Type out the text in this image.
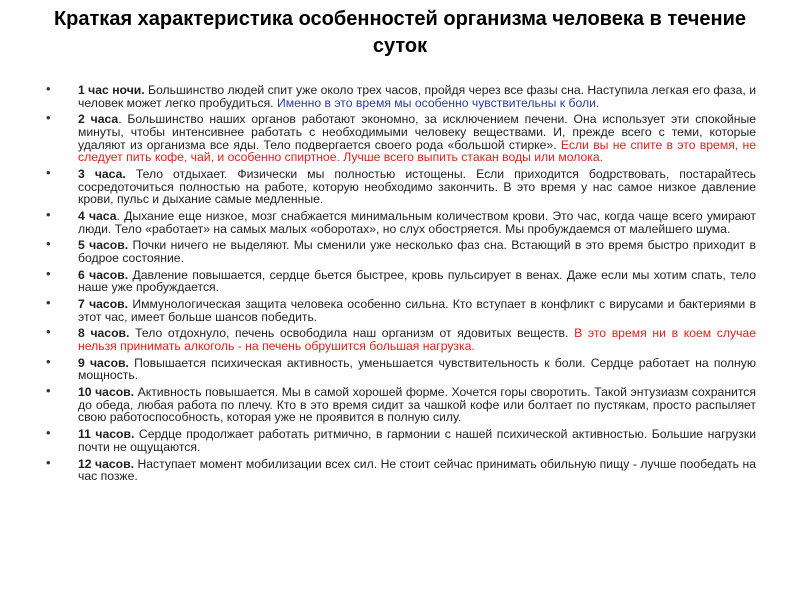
Краткая характеристика особенностей организма человека в течение суток
• 1 час ночи. Большинство людей спит уже около трех часов, пройдя через все фазы сна. Наступила легкая его фаза, и человек может легко пробудиться. Именно в это время мы особенно чувствительны к боли.
• 2 часа. Большинство наших органов работают экономно, за исключением печени. Она использует эти спокойные минуты, чтобы интенсивнее работать с необходимыми человеку веществами. И, прежде всего с теми, которые удаляют из организма все яды. Тело подвергается своего рода «большой стирке». Если вы не спите в это время, не следует пить кофе, чай, и особенно спиртное. Лучше всего выпить стакан воды или молока.
• 3 часа. Тело отдыхает. Физически мы полностью истощены. Если приходится бодрствовать, постарайтесь сосредоточиться полностью на работе, которую необходимо закончить. В это время у нас самое низкое давление крови, пульс и дыхание самые медленные.
• 4 часа. Дыхание еще низкое, мозг снабжается минимальным количеством крови. Это час, когда чаще всего умирают люди. Тело «работает» на самых малых «оборотах», но слух обостряется. Мы пробуждаемся от малейшего шума.
• 5 часов. Почки ничего не выделяют. Мы сменили уже несколько фаз сна. Встающий в это время быстро приходит в бодрое состояние.
• 6 часов. Давление повышается, сердце бьется быстрее, кровь пульсирует в венах. Даже если мы хотим спать, тело наше уже пробуждается.
• 7 часов. Иммунологическая защита человека особенно сильна. Кто вступает в конфликт с вирусами и бактериями в этот час, имеет больше шансов победить.
• 8 часов. Тело отдохнуло, печень освободила наш организм от ядовитых веществ. В это время ни в коем случае нельзя принимать алкоголь - на печень обрушится большая нагрузка.
• 9 часов. Повышается психическая активность, уменьшается чувствительность к боли. Сердце работает на полную мощность.
• 10 часов. Активность повышается. Мы в самой хорошей форме. Хочется горы своротить. Такой энтузиазм сохранится до обеда, любая работа по плечу. Кто в это время сидит за чашкой кофе или болтает по пустякам, просто распыляет свою работоспособность, которая уже не проявится в полную силу.
• 11 часов. Сердце продолжает работать ритмично, в гармонии с нашей психической активностью. Большие нагрузки почти не ощущаются.
• 12 часов. Наступает момент мобилизации всех сил. Не стоит сейчас принимать обильную пищу - лучше пообедать на час позже.
